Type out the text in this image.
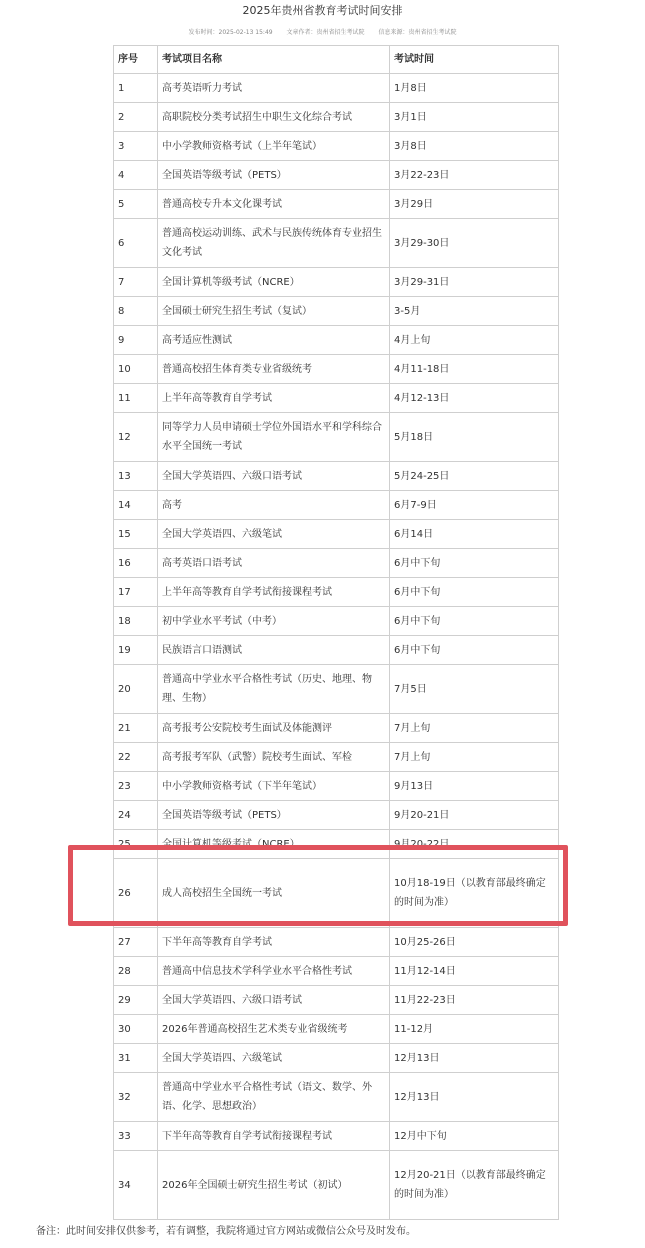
2025年贵州省教育考试时间安排
发布时间：2025-02-13 15:49 文章作者：贵州省招生考试院 信息来源：贵州省招生考试院
序号	考试项目名称	考试时间
1	高考英语听力考试	1月8日
2	高职院校分类考试招生中职生文化综合考试	3月1日
3	中小学教师资格考试（上半年笔试）	3月8日
4	全国英语等级考试（PETS）	3月22-23日
5	普通高校专升本文化课考试	3月29日
6	普通高校运动训练、武术与民族传统体育专业招生文化考试	3月29-30日
7	全国计算机等级考试（NCRE）	3月29-31日
8	全国硕士研究生招生考试（复试）	3-5月
9	高考适应性测试	4月上旬
10	普通高校招生体育类专业省级统考	4月11-18日
11	上半年高等教育自学考试	4月12-13日
12	同等学力人员申请硕士学位外国语水平和学科综合水平全国统一考试	5月18日
13	全国大学英语四、六级口语考试	5月24-25日
14	高考	6月7-9日
15	全国大学英语四、六级笔试	6月14日
16	高考英语口语考试	6月中下旬
17	上半年高等教育自学考试衔接课程考试	6月中下旬
18	初中学业水平考试（中考）	6月中下旬
19	民族语言口语测试	6月中下旬
20	普通高中学业水平合格性考试（历史、地理、物理、生物）	7月5日
21	高考报考公安院校考生面试及体能测评	7月上旬
22	高考报考军队（武警）院校考生面试、军检	7月上旬
23	中小学教师资格考试（下半年笔试）	9月13日
24	全国英语等级考试（PETS）	9月20-21日
25	全国计算机等级考试（NCRE）	9月20-22日
26	成人高校招生全国统一考试	10月18-19日（以教育部最终确定的时间为准）
27	下半年高等教育自学考试	10月25-26日
28	普通高中信息技术学科学业水平合格性考试	11月12-14日
29	全国大学英语四、六级口语考试	11月22-23日
30	2026年普通高校招生艺术类专业省级统考	11-12月
31	全国大学英语四、六级笔试	12月13日
32	普通高中学业水平合格性考试（语文、数学、外语、化学、思想政治）	12月13日
33	下半年高等教育自学考试衔接课程考试	12月中下旬
34	2026年全国硕士研究生招生考试（初试）	12月20-21日（以教育部最终确定的时间为准）
备注：此时间安排仅供参考，若有调整，我院将通过官方网站或微信公众号及时发布。
